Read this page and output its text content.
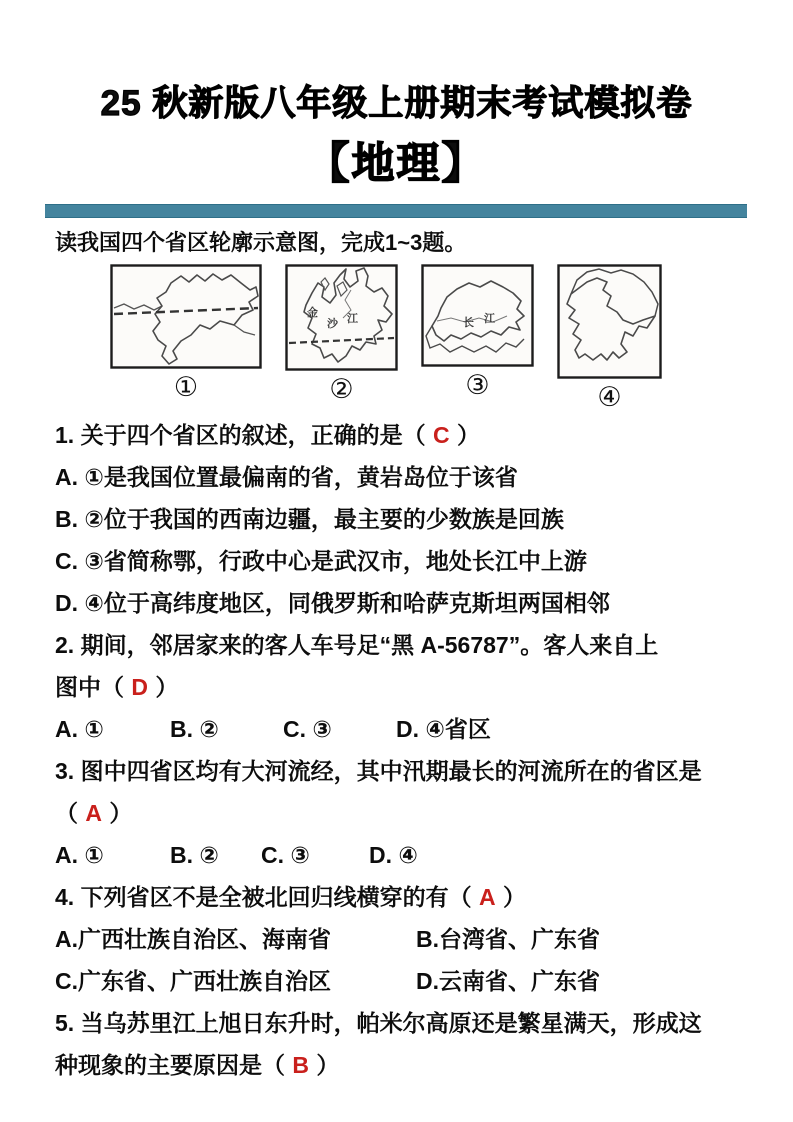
25 秋新版八年级上册期末考试模拟卷
【地理】

读我国四个省区轮廓示意图，完成1~3题。

①
金
沙 江
②
长 江
③	④

1. 关于四个省区的叙述，正确的是（ C ）

A. ①是我国位置最偏南的省，黄岩岛位于该省

B. ②位于我国的西南边疆，最主要的少数族是回族

C. ③省简称鄂，行政中心是武汉市，地处长江中上游

D. ④位于高纬度地区，同俄罗斯和哈萨克斯坦两国相邻

2. 期间，邻居家来的客人车号足“黑 A-56787”。客人来自上

图中（ D ）

A. ①	B. ②	C. ③	D. ④省区

3. 图中四省区均有大河流经，其中汛期最长的河流所在的省区是

（ A ）

A. ①	B. ②	C. ③	D. ④

4. 下列省区不是全被北回归线横穿的有（ A ）

A.广西壮族自治区、海南省	B.台湾省、广东省

C.广东省、广西壮族自治区	D.云南省、广东省

5. 当乌苏里江上旭日东升时，帕米尔高原还是繁星满天，形成这

种现象的主要原因是（ B ）
